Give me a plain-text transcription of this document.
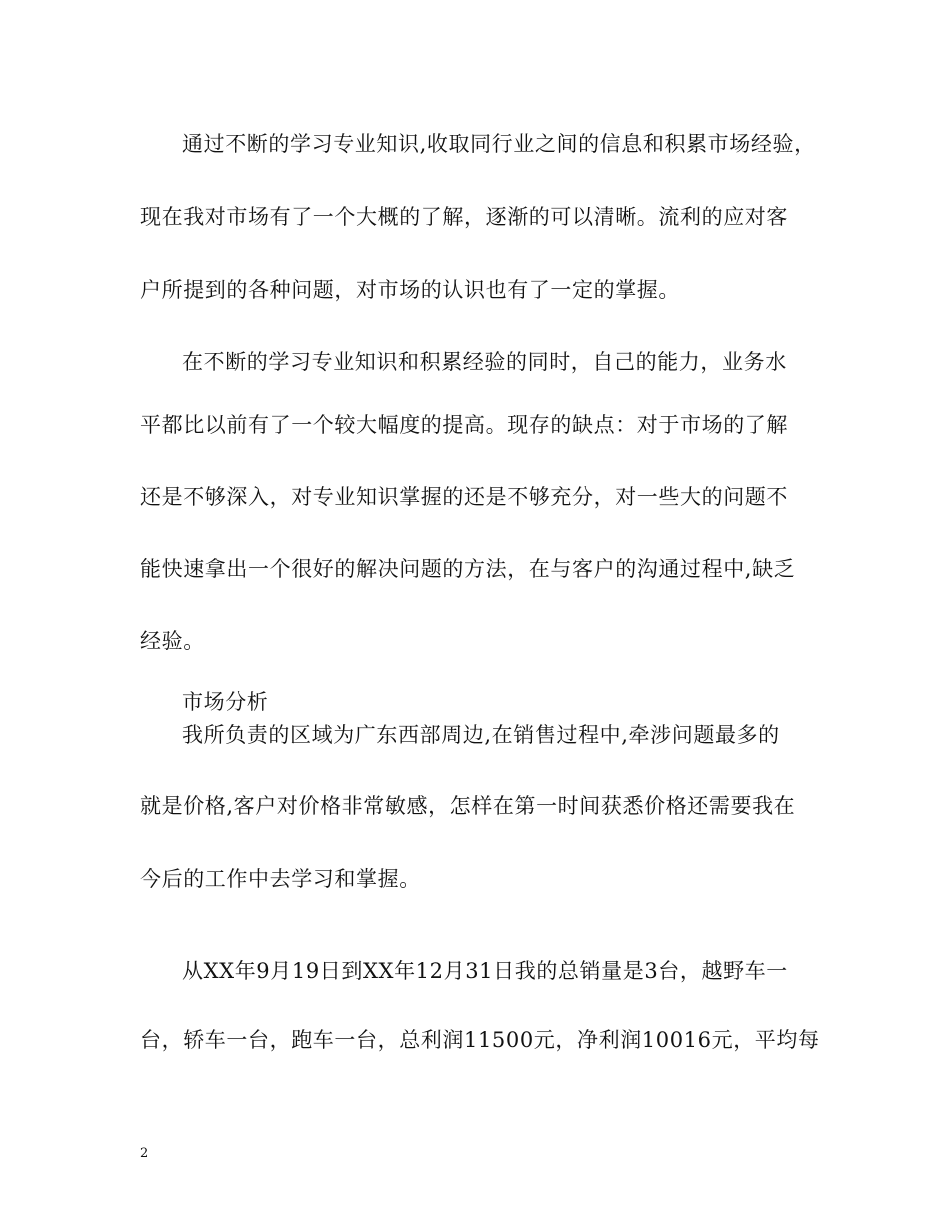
通过不断的学习专业知识,收取同行业之间的信息和积累市场经验，
现在我对市场有了一个大概的了解，逐渐的可以清晰。流利的应对客
户所提到的各种问题，对市场的认识也有了一定的掌握。
在不断的学习专业知识和积累经验的同时，自己的能力，业务水
平都比以前有了一个较大幅度的提高。现存的缺点：对于市场的了解
还是不够深入，对专业知识掌握的还是不够充分，对一些大的问题不
能快速拿出一个很好的解决问题的方法，在与客户的沟通过程中,缺乏
经验。
市场分析
我所负责的区域为广东西部周边,在销售过程中,牵涉问题最多的
就是价格,客户对价格非常敏感，怎样在第一时间获悉价格还需要我在
今后的工作中去学习和掌握。
从XX年9月19日到XX年12月31日我的总销量是3台，越野车一
台，轿车一台，跑车一台，总利润11500元，净利润10016元，平均每
2
